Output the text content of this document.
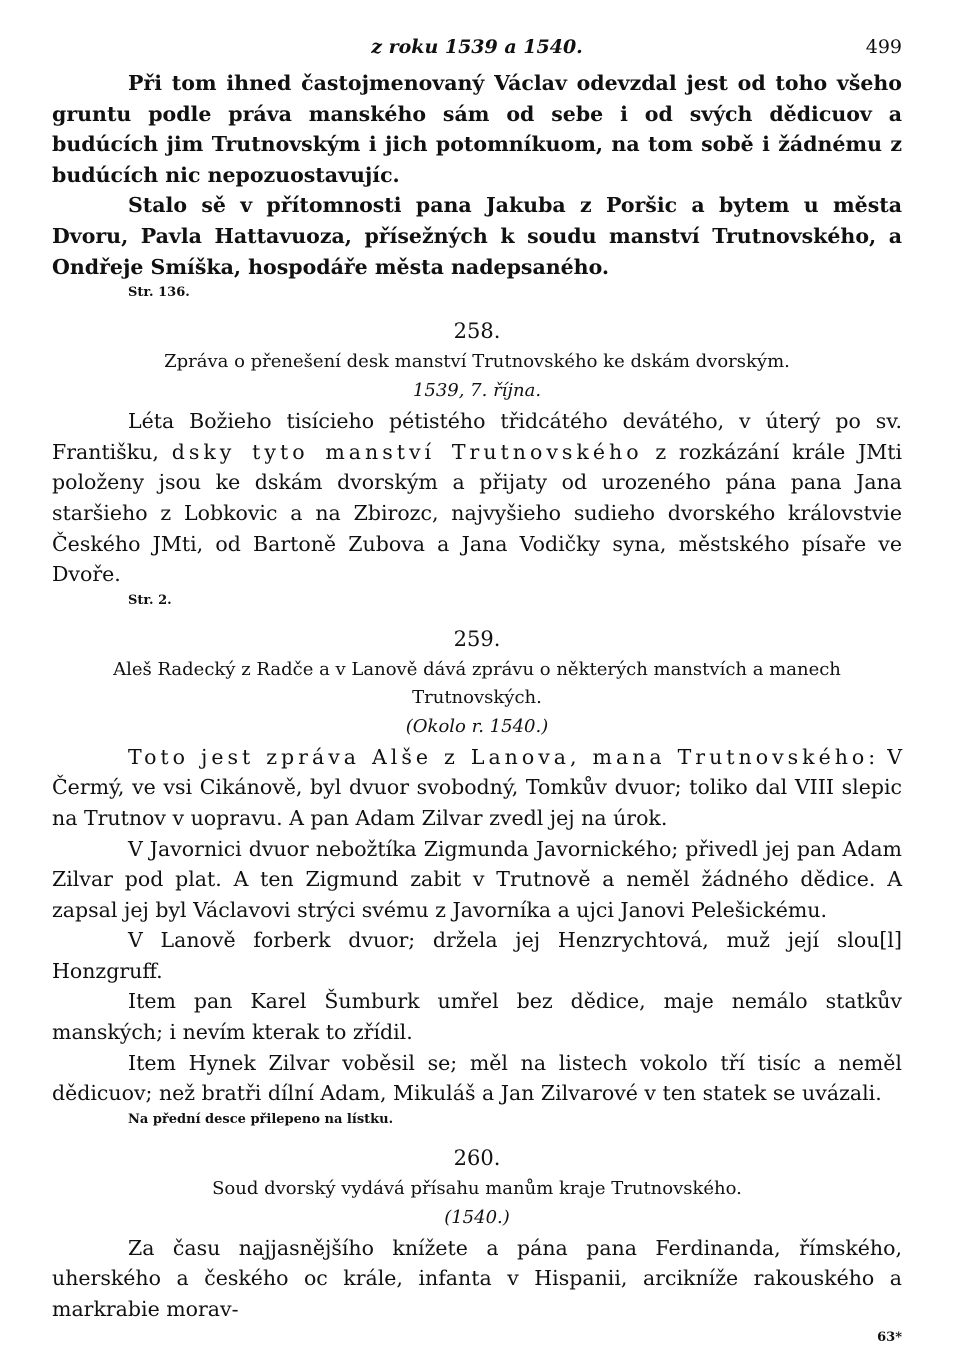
z roku 1539 a 1540.	499

Při tom ihned častojmenovaný Václav odevzdal jest od toho všeho gruntu podle práva manského sám od sebe i od svých dědicuov a budúcích jim Trutnovským i jich potomníkuom, na tom sobě i žádnému z budúcích nic nepozuostavujíc.

Stalo sě v přítomnosti pana Jakuba z Poršic a bytem u města Dvoru, Pavla Hattavuoza, přísežných k soudu manství Trutnovského, a Ondřeje Smíška, hospodáře města nadepsaného.

Str. 136.
258.
Zpráva o přenešení desk manství Trutnovského ke dskám dvorským.
1539, 7. října.

Léta Božieho tisícieho pétistého třidcátého devátého, v úterý po sv. Františku, dsky tyto manství Trutnovského z rozkázání krále JMti položeny jsou ke dskám dvorským a přijaty od urozeného pána pana Jana staršieho z Lobkovic a na Zbirozc, najvyšieho sudieho dvorského královstvie Českého JMti, od Bartoně Zubova a Jana Vodičky syna, městského písaře ve Dvoře.

Str. 2.
259.
Aleš Radecký z Radče a v Lanově dává zprávu o některých manstvích a manech Trutnovských.
(Okolo r. 1540.)

Toto jest zpráva Alše z Lanova, mana Trutnovského: V Čermý, ve vsi Cikánově, byl dvuor svobodný, Tomkův dvuor; toliko dal VIII slepic na Trutnov v uopravu. A pan Adam Zilvar zvedl jej na úrok.

V Javornici dvuor nebožtíka Zigmunda Javornického; přivedl jej pan Adam Zilvar pod plat. A ten Zigmund zabit v Trutnově a neměl žádného dědice. A zapsal jej byl Václavovi strýci svému z Javorníka a ujci Janovi Pelešickému.

V Lanově forberk dvuor; držela jej Henzrychtová, muž její slou[l] Honzgruff.

Item pan Karel Šumburk umřel bez dědice, maje nemálo statkův manských; i nevím kterak to zřídil.

Item Hynek Zilvar voběsil se; měl na listech vokolo tří tisíc a neměl dědicuov; než bratři dílní Adam, Mikuláš a Jan Zilvarové v ten statek se uvázali.

Na přední desce přilepeno na lístku.
260.
Soud dvorský vydává přísahu manům kraje Trutnovského.
(1540.)

Za času najjasnějšího knížete a pána pana Ferdinanda, římského, uherského a českého oc krále, infanta v Hispanii, arcikníže rakouského a markrabie morav-

63*
